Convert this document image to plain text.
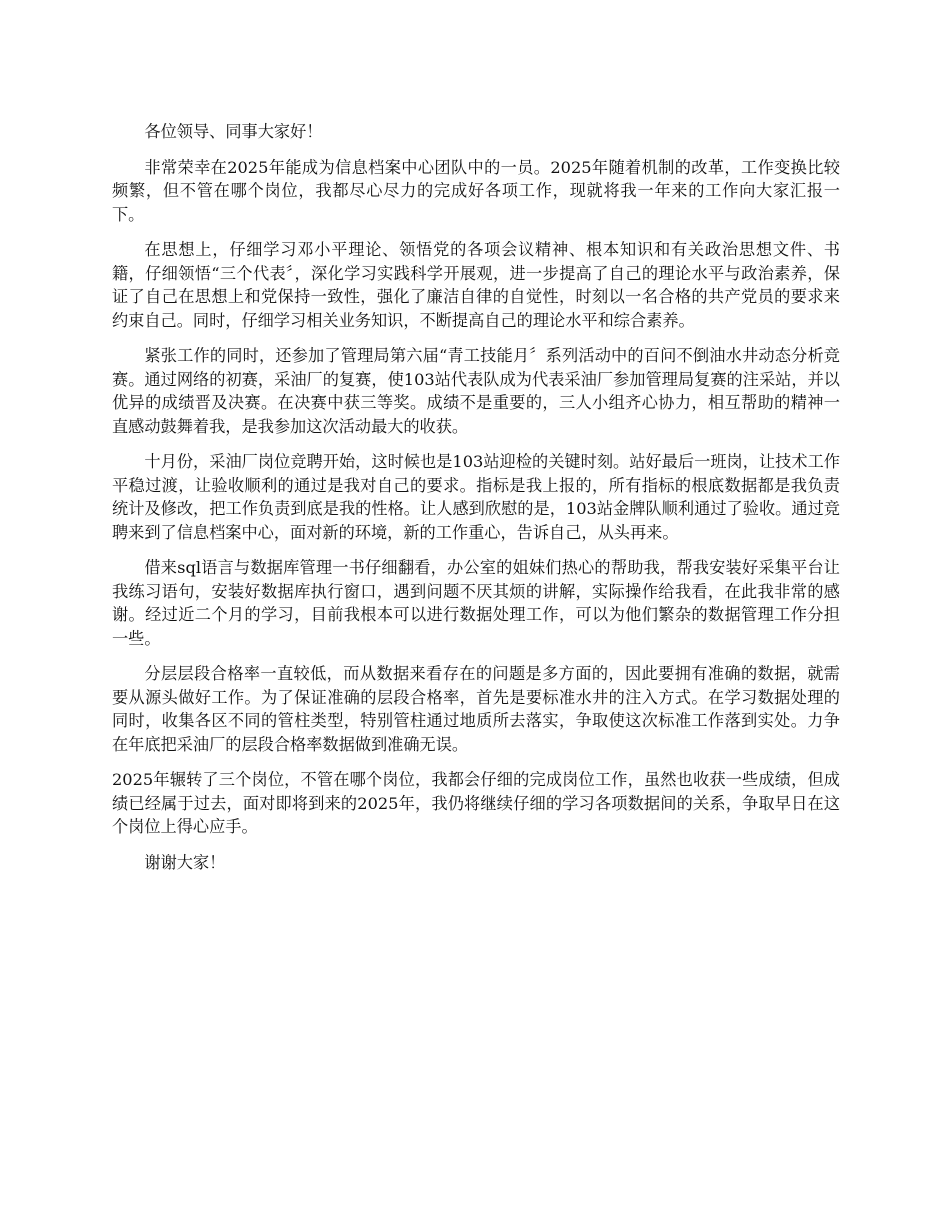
各位领导、同事大家好！

非常荣幸在2025年能成为信息档案中心团队中的一员。2025年随着机制的改革，工作变换比较频繁，但不管在哪个岗位，我都尽心尽力的完成好各项工作，现就将我一年来的工作向大家汇报一下。

在思想上，仔细学习邓小平理论、领悟党的各项会议精神、根本知识和有关政治思想文件、书籍，仔细领悟“三个代表〞，深化学习实践科学开展观，进一步提高了自己的理论水平与政治素养，保证了自己在思想上和党保持一致性，强化了廉洁自律的自觉性，时刻以一名合格的共产党员的要求来约束自己。同时，仔细学习相关业务知识，不断提高自己的理论水平和综合素养。

紧张工作的同时，还参加了管理局第六届“青工技能月〞系列活动中的百问不倒油水井动态分析竞赛。通过网络的初赛，采油厂的复赛，使103站代表队成为代表采油厂参加管理局复赛的注采站，并以优异的成绩晋及决赛。在决赛中获三等奖。成绩不是重要的，三人小组齐心协力，相互帮助的精神一直感动鼓舞着我，是我参加这次活动最大的收获。

十月份，采油厂岗位竞聘开始，这时候也是103站迎检的关键时刻。站好最后一班岗，让技术工作平稳过渡，让验收顺利的通过是我对自己的要求。指标是我上报的，所有指标的根底数据都是我负责统计及修改，把工作负责到底是我的性格。让人感到欣慰的是，103站金牌队顺利通过了验收。通过竞聘来到了信息档案中心，面对新的环境，新的工作重心，告诉自己，从头再来。

借来sql语言与数据库管理一书仔细翻看，办公室的姐妹们热心的帮助我，帮我安装好采集平台让我练习语句，安装好数据库执行窗口，遇到问题不厌其烦的讲解，实际操作给我看，在此我非常的感谢。经过近二个月的学习，目前我根本可以进行数据处理工作，可以为他们繁杂的数据管理工作分担一些。

分层层段合格率一直较低，而从数据来看存在的问题是多方面的，因此要拥有准确的数据，就需要从源头做好工作。为了保证准确的层段合格率，首先是要标准水井的注入方式。在学习数据处理的同时，收集各区不同的管柱类型，特别管柱通过地质所去落实，争取使这次标准工作落到实处。力争在年底把采油厂的层段合格率数据做到准确无误。

2025年辗转了三个岗位，不管在哪个岗位，我都会仔细的完成岗位工作，虽然也收获一些成绩，但成绩已经属于过去，面对即将到来的2025年，我仍将继续仔细的学习各项数据间的关系，争取早日在这个岗位上得心应手。

谢谢大家！
